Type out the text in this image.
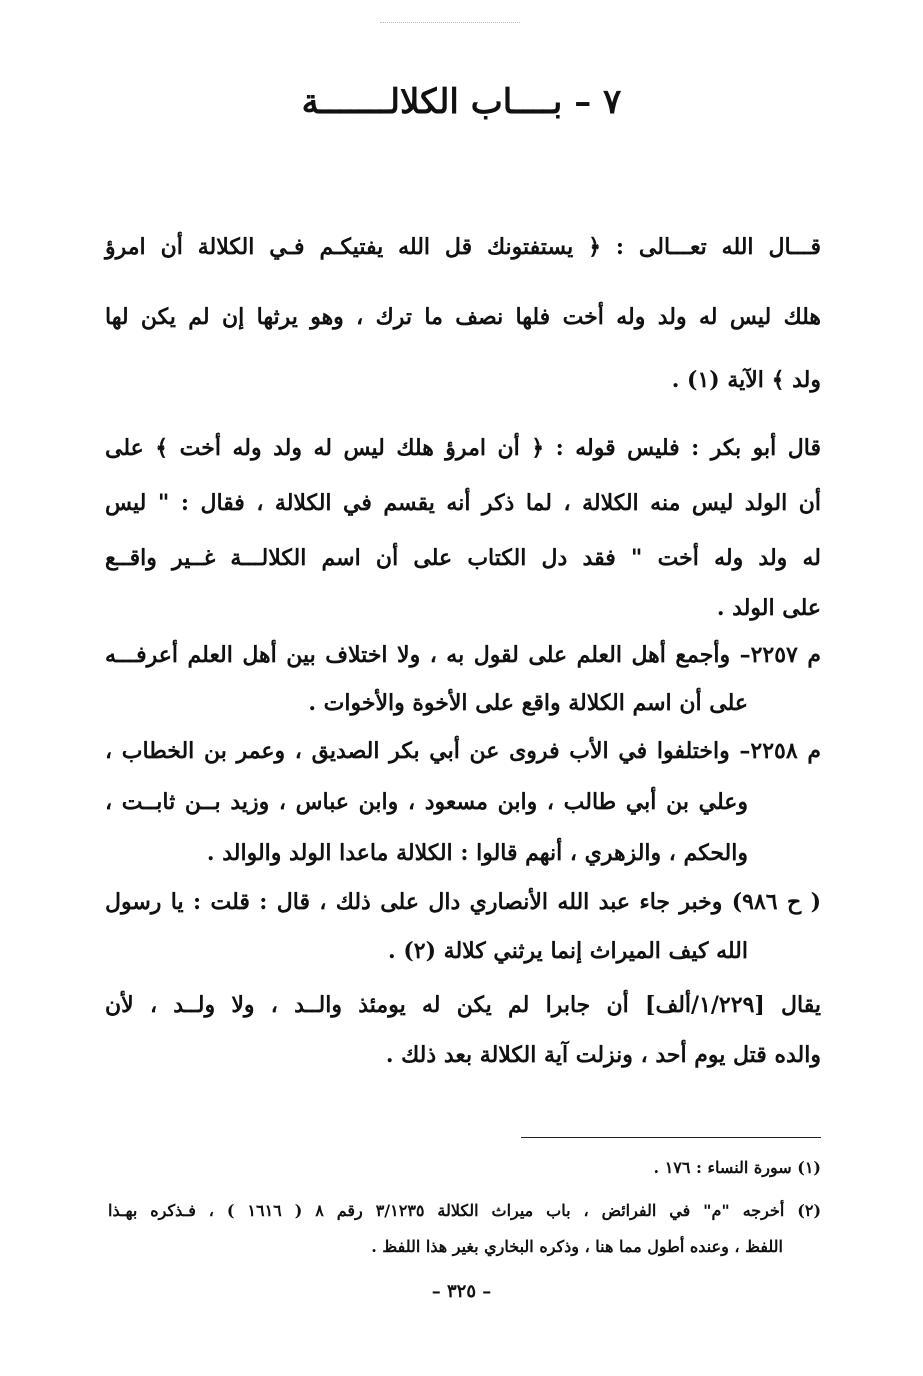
٧ – بــــاب الكلالـــــــة
قـــال الله تعـــالى : ﴿ يستفتونك قل الله يفتيكـم فـي الكلالة أن امرؤ
هلك ليس له ولد وله أخت فلها نصف ما ترك ، وهو يرثها إن لم يكن لها
ولد ﴾ الآية (١) .
قال أبو بكر : فليس قوله : ﴿ أن امرؤ هلك ليس له ولد وله أخت ﴾ على
أن الولد ليس منه الكلالة ، لما ذكر أنه يقسم في الكلالة ، فقال : " ليس
له ولد وله أخت " فقد دل الكتاب على أن اسم الكلالـــة غــير واقــع
على الولد .
م ٢٢٥٧– وأجمع أهل العلم على لقول به ، ولا اختلاف بين أهل العلم أعرفـــه
على أن اسم الكلالة واقع على الأخوة والأخوات .
م ٢٢٥٨– واختلفوا في الأب فروى عن أبي بكر الصديق ، وعمر بن الخطاب ،
وعلي بن أبي طالب ، وابن مسعود ، وابن عباس ، وزيد بــن ثابــت ،
والحكم ، والزهري ، أنهم قالوا : الكلالة ماعدا الولد والوالد .
( ح ٩٨٦) وخبر جاء عبد الله الأنصاري دال على ذلك ، قال : قلت : يا رسول
الله كيف الميراث إنما يرثني كلالة (٢) .
يقال [١/٢٢٩/ألف] أن جابرا لم يكن له يومئذ والــد ، ولا ولــد ، لأن
والده قتل يوم أحد ، ونزلت آية الكلالة بعد ذلك .
(١) سورة النساء : ١٧٦ .
(٢) أخرجه "م" في الفرائض ، باب ميراث الكلالة ٣/١٢٣٥ رقم ٨ ( ١٦١٦ ) ، فـذكره بهـذا
اللفظ ، وعنده أطول مما هنا ، وذكره البخاري بغير هذا اللفظ .
– ٣٢٥ –
